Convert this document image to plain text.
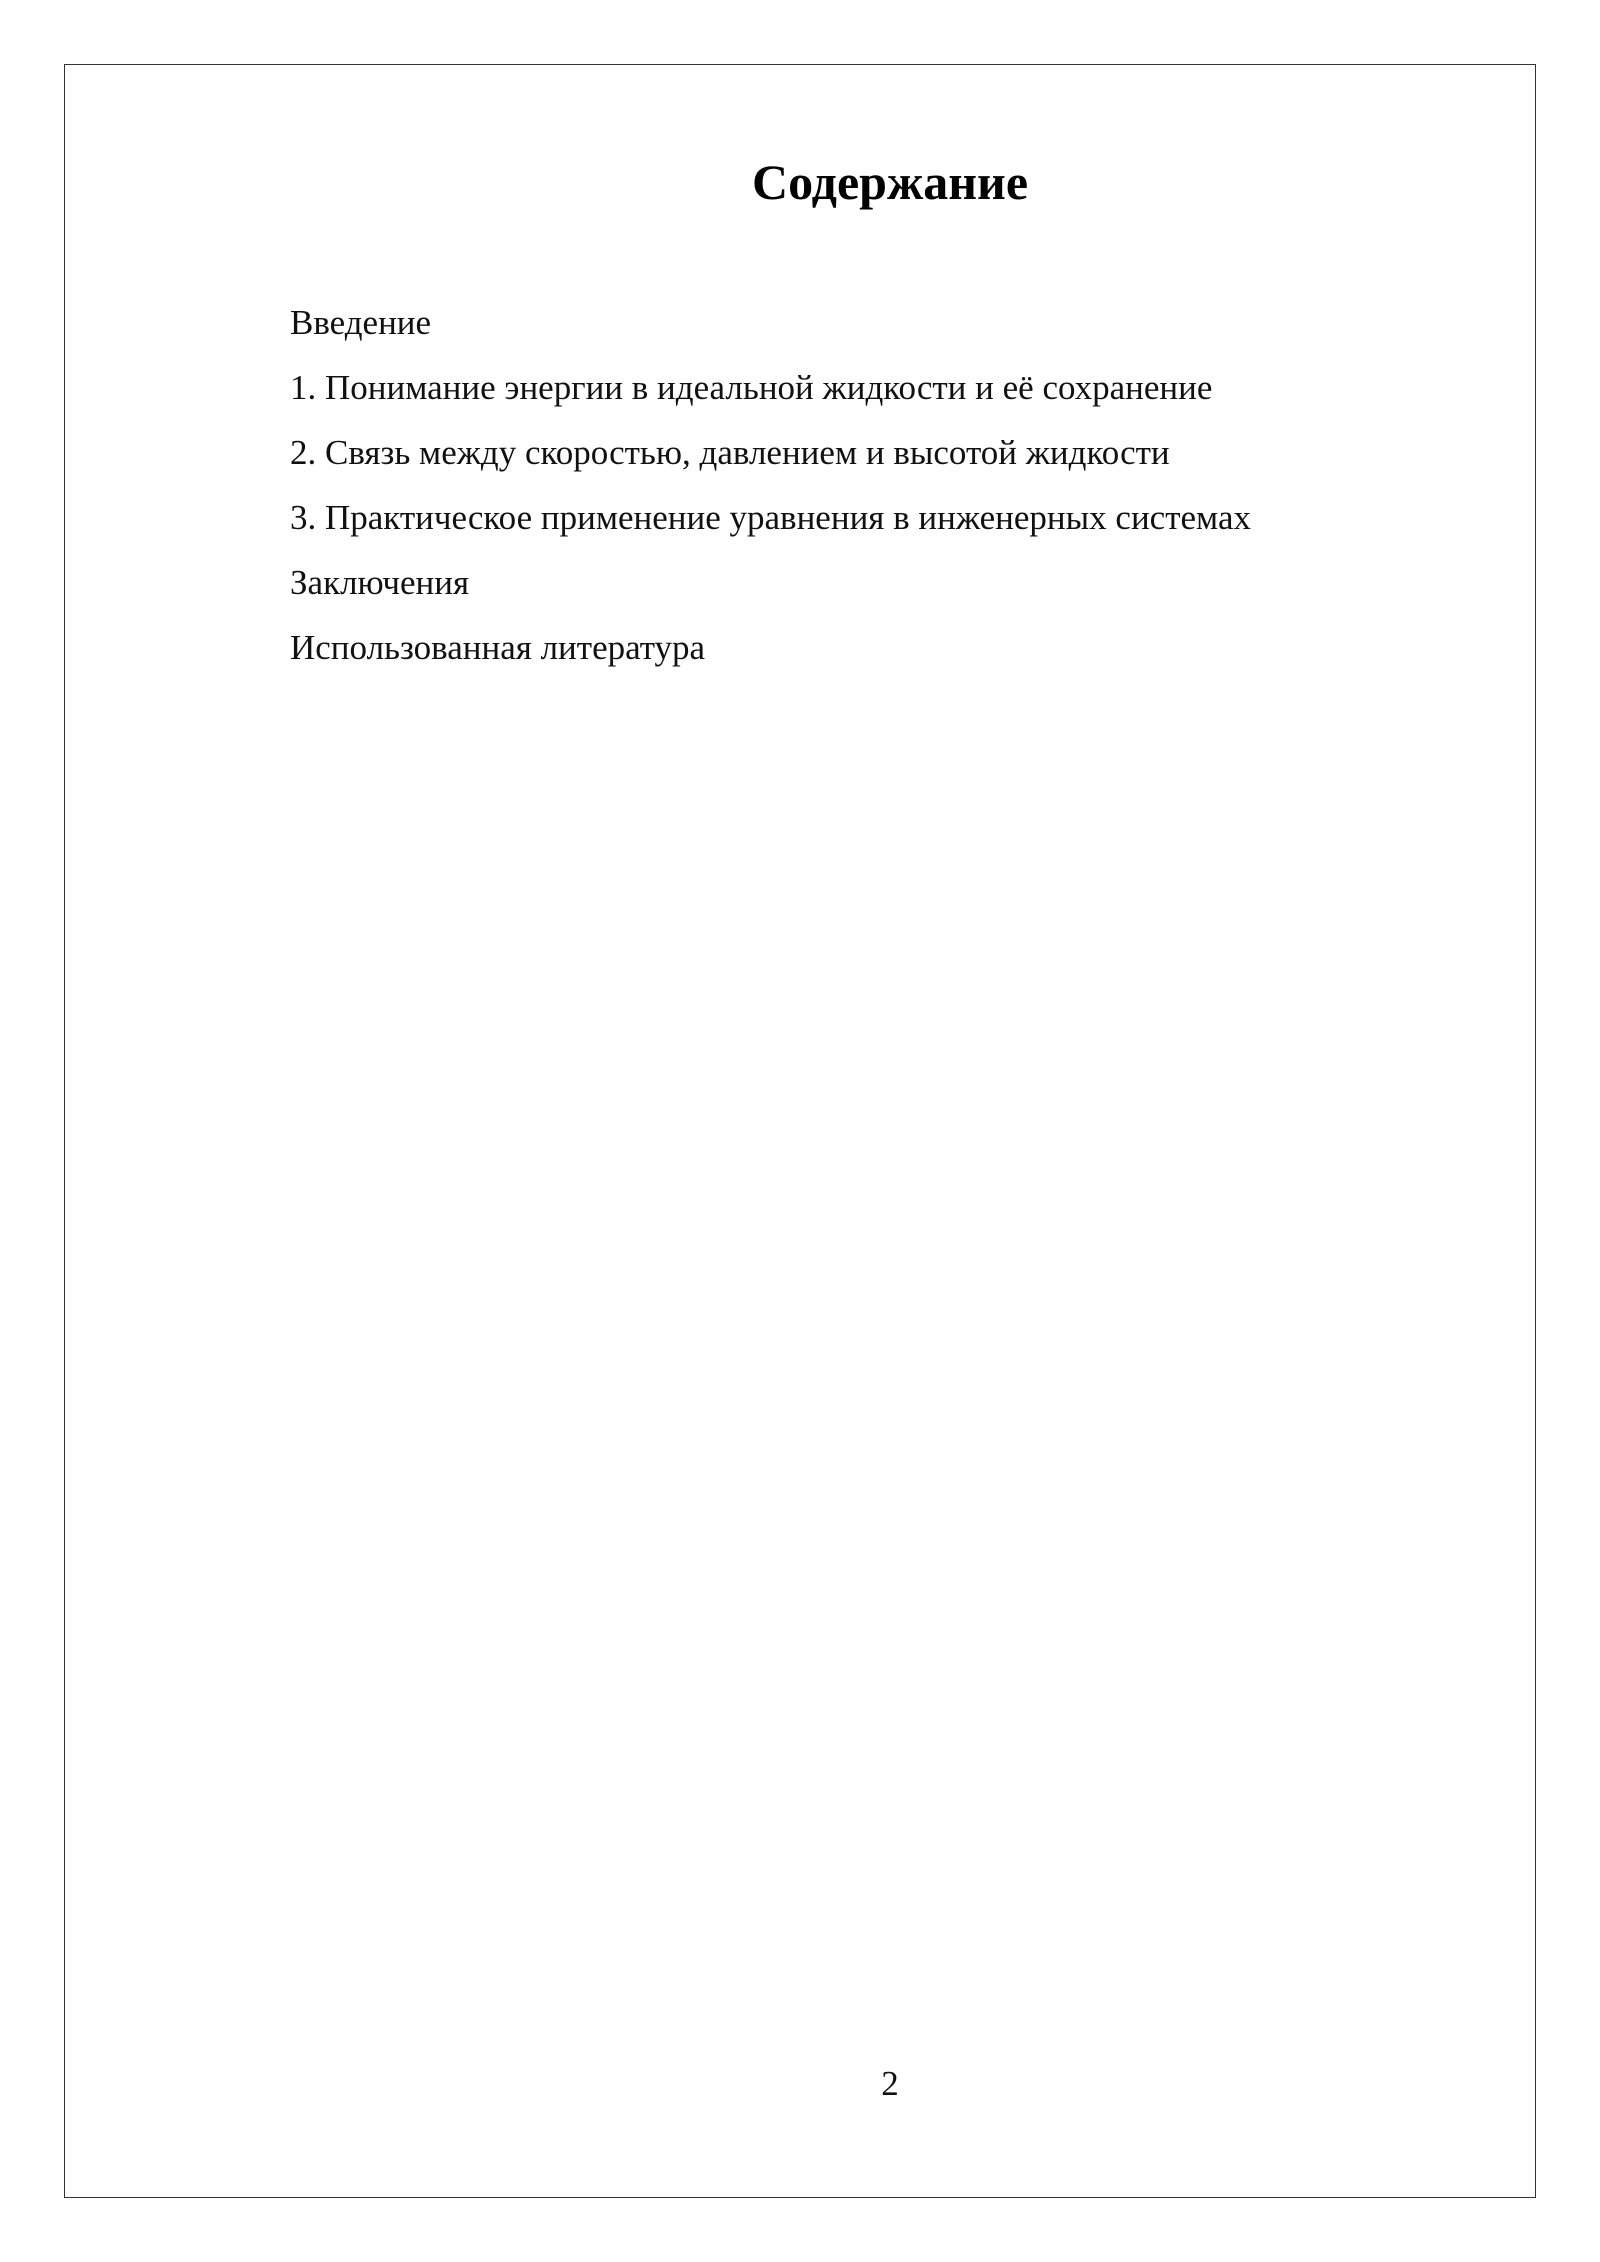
Содержание
Введение
1. Понимание энергии в идеальной жидкости и её сохранение
2. Связь между скоростью, давлением и высотой жидкости
3. Практическое применение уравнения в инженерных системах
Заключения
Использованная литература
2
